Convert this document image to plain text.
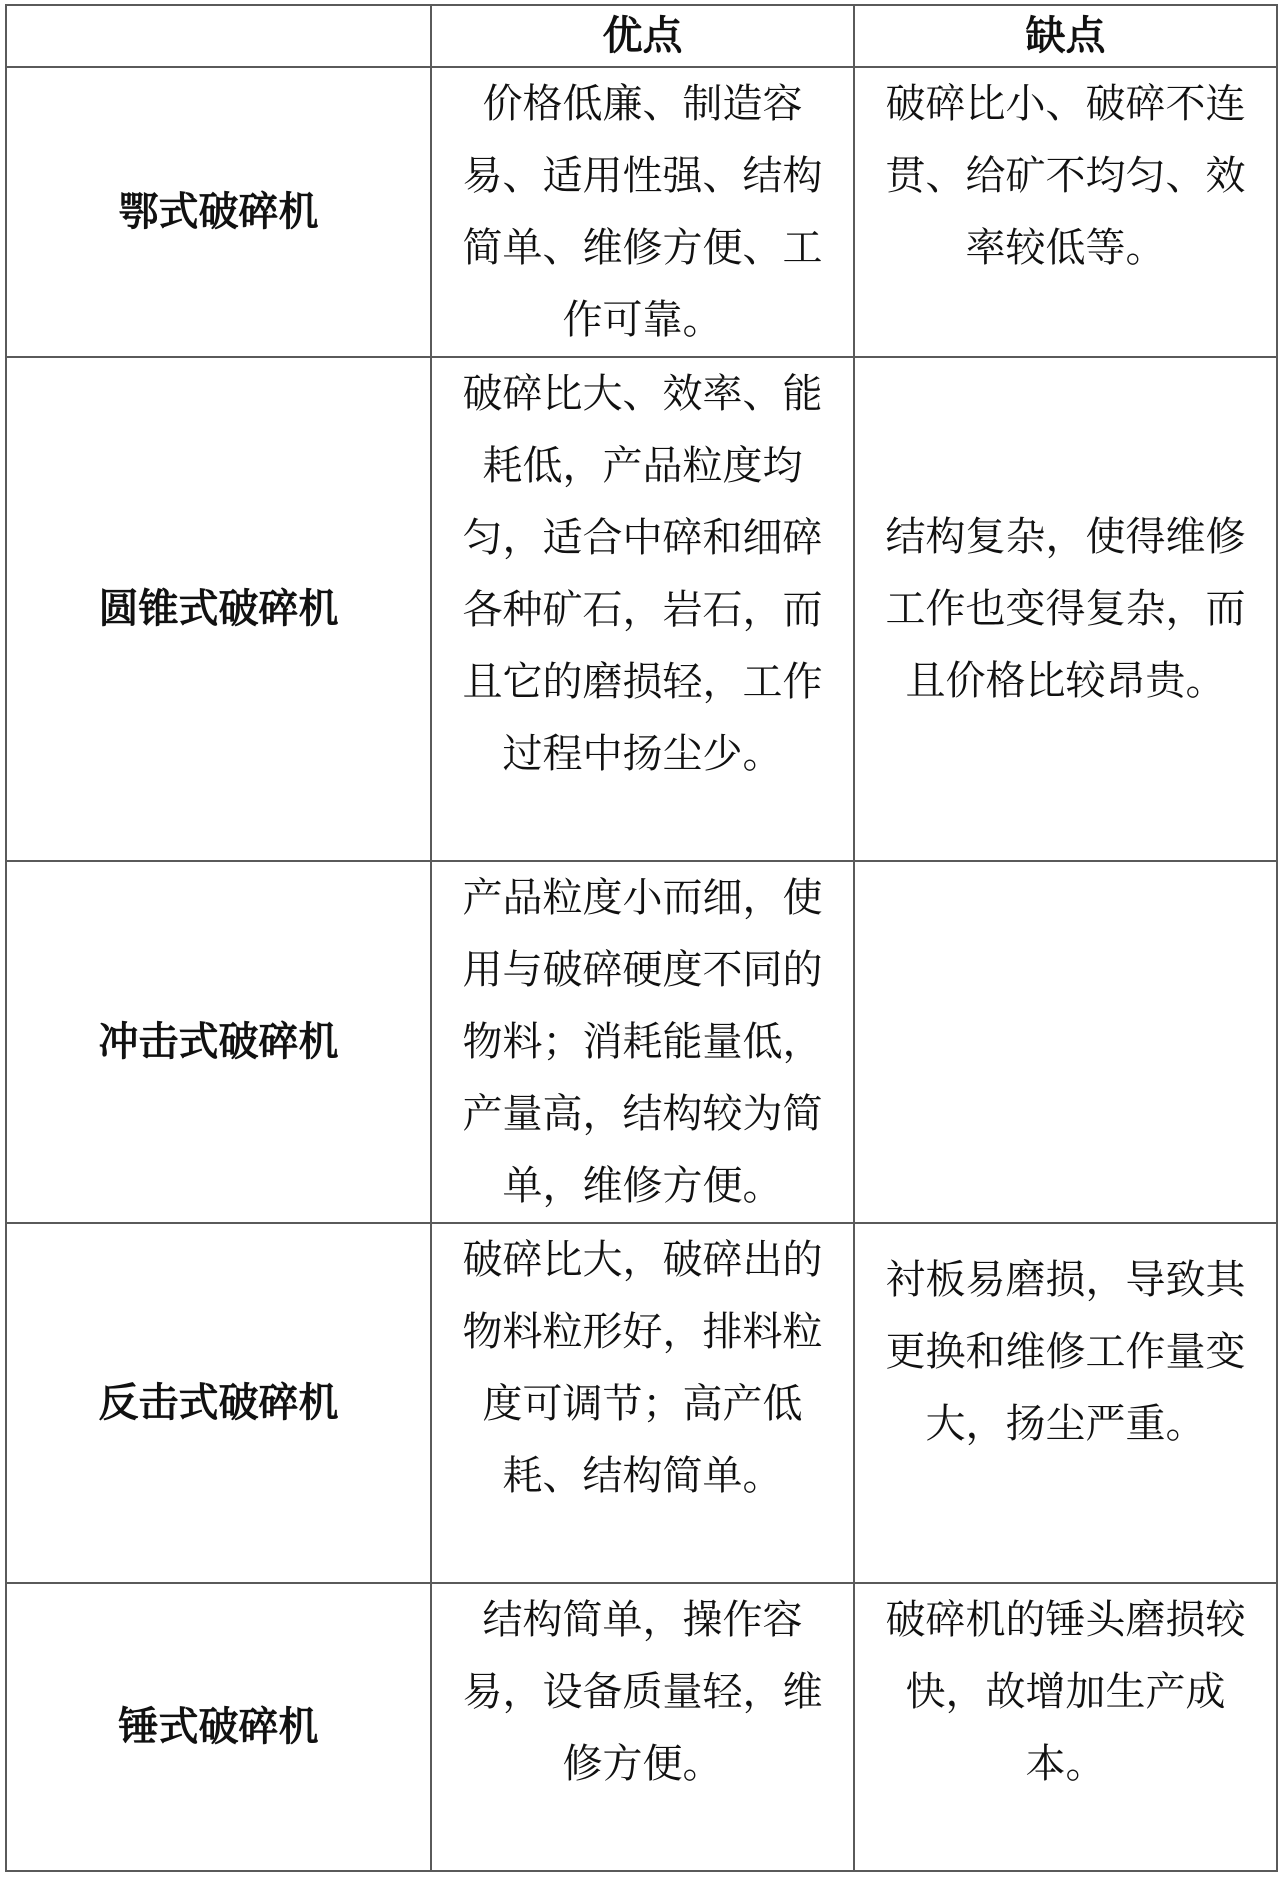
	优点	缺点
鄂式破碎机	价格低廉、制造容易、适用性强、结构简单、维修方便、工作可靠。	破碎比小、破碎不连贯、给矿不均匀、效率较低等。
圆锥式破碎机	破碎比大、效率、能耗低，产品粒度均匀，适合中碎和细碎各种矿石，岩石，而且它的磨损轻，工作过程中扬尘少。	结构复杂，使得维修工作也变得复杂，而且价格比较昂贵。
冲击式破碎机	产品粒度小而细，使用与破碎硬度不同的物料；消耗能量低，产量高，结构较为简单，维修方便。	
反击式破碎机	破碎比大，破碎出的物料粒形好，排料粒度可调节；高产低耗、结构简单。	衬板易磨损，导致其更换和维修工作量变大，扬尘严重。
锤式破碎机	结构简单，操作容易，设备质量轻，维修方便。	破碎机的锤头磨损较快，故增加生产成本。
